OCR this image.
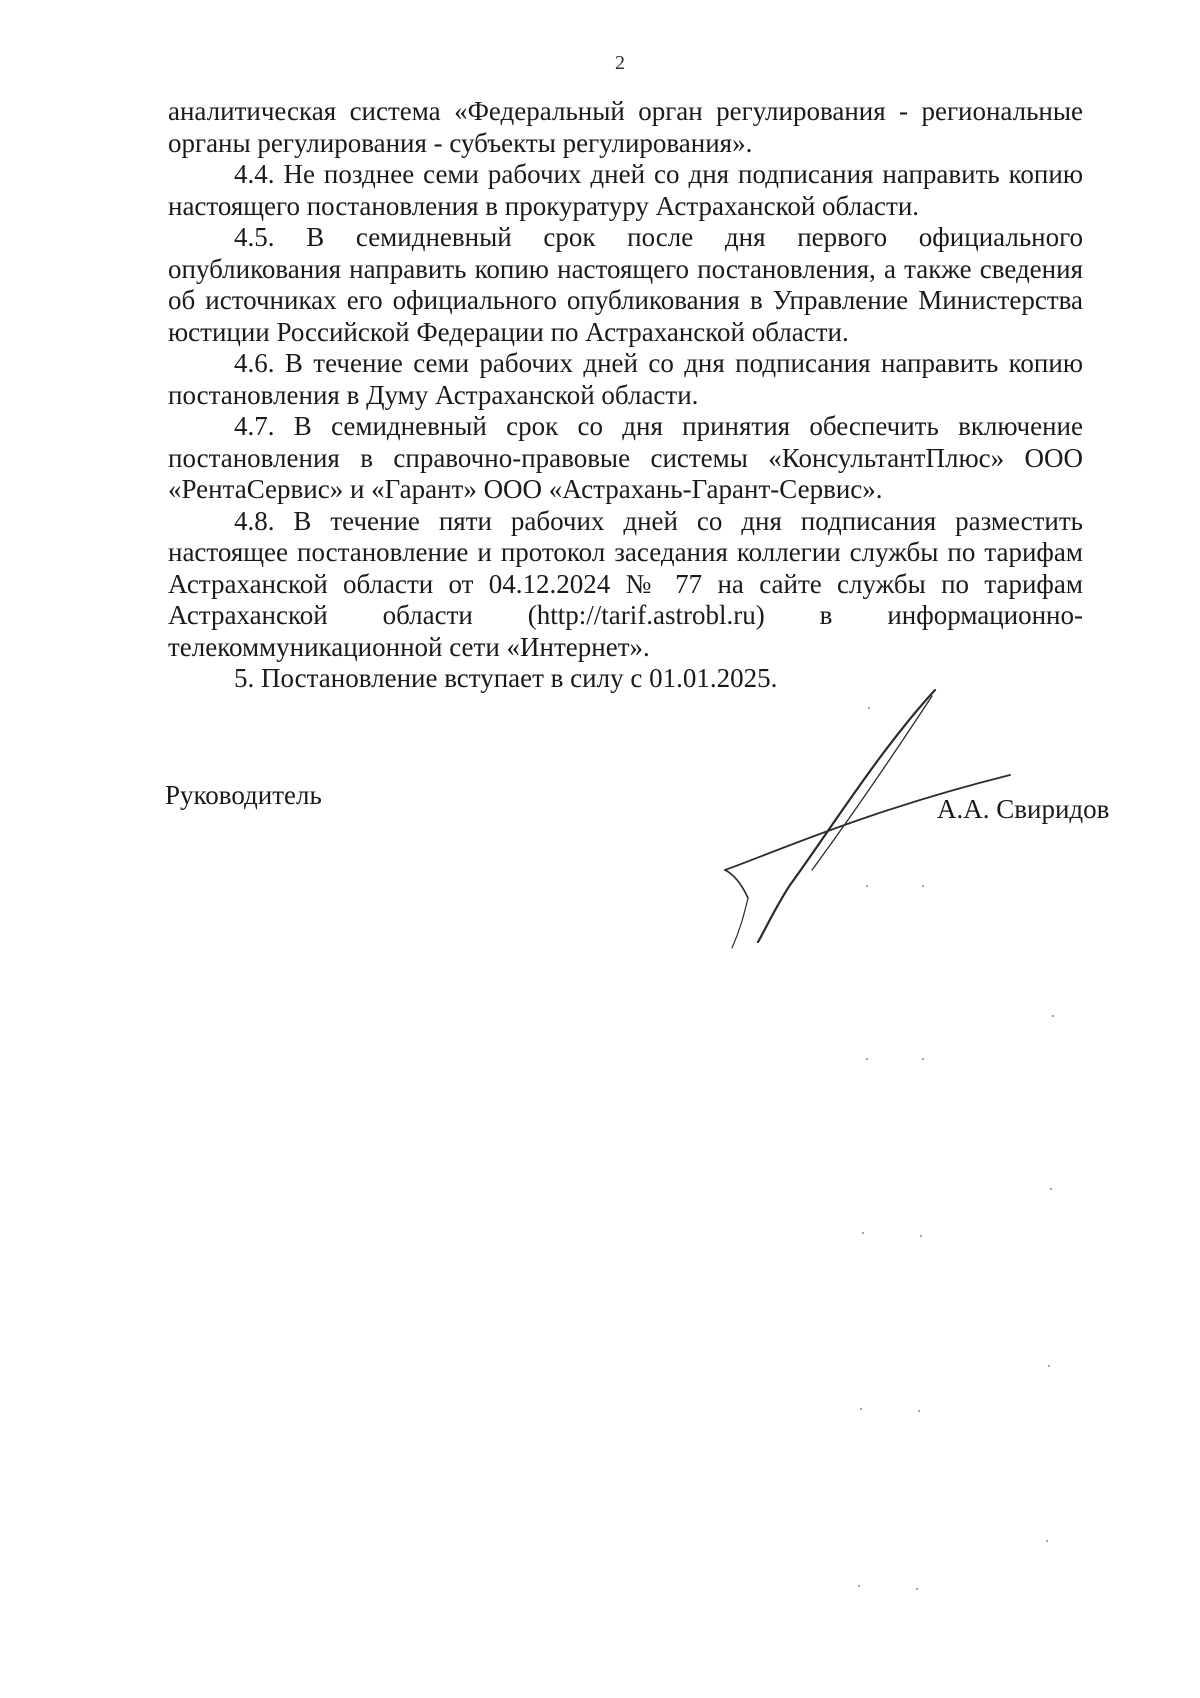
2

аналитическая система «Федеральный орган регулирования - региональные органы регулирования - субъекты регулирования».

4.4. Не позднее семи рабочих дней со дня подписания направить копию настоящего постановления в прокуратуру Астраханской области.

4.5. В семидневный срок после дня первого официального опубликования направить копию настоящего постановления, а также сведения об источниках его официального опубликования в Управление Министерства юстиции Российской Федерации по Астраханской области.

4.6. В течение семи рабочих дней со дня подписания направить копию постановления в Думу Астраханской области.

4.7. В семидневный срок со дня принятия обеспечить включение постановления в справочно-правовые системы «КонсультантПлюс» ООО «РентаСервис» и «Гарант» ООО «Астрахань-Гарант-Сервис».

4.8. В течение пяти рабочих дней со дня подписания разместить настоящее постановление и протокол заседания коллегии службы по тарифам Астраханской области от 04.12.2024 № 77 на сайте службы по тарифам Астраханской области (http://tarif.astrobl.ru) в информационно-телекоммуникационной сети «Интернет».

5. Постановление вступает в силу с 01.01.2025.

Руководитель	А.А. Свиридов
